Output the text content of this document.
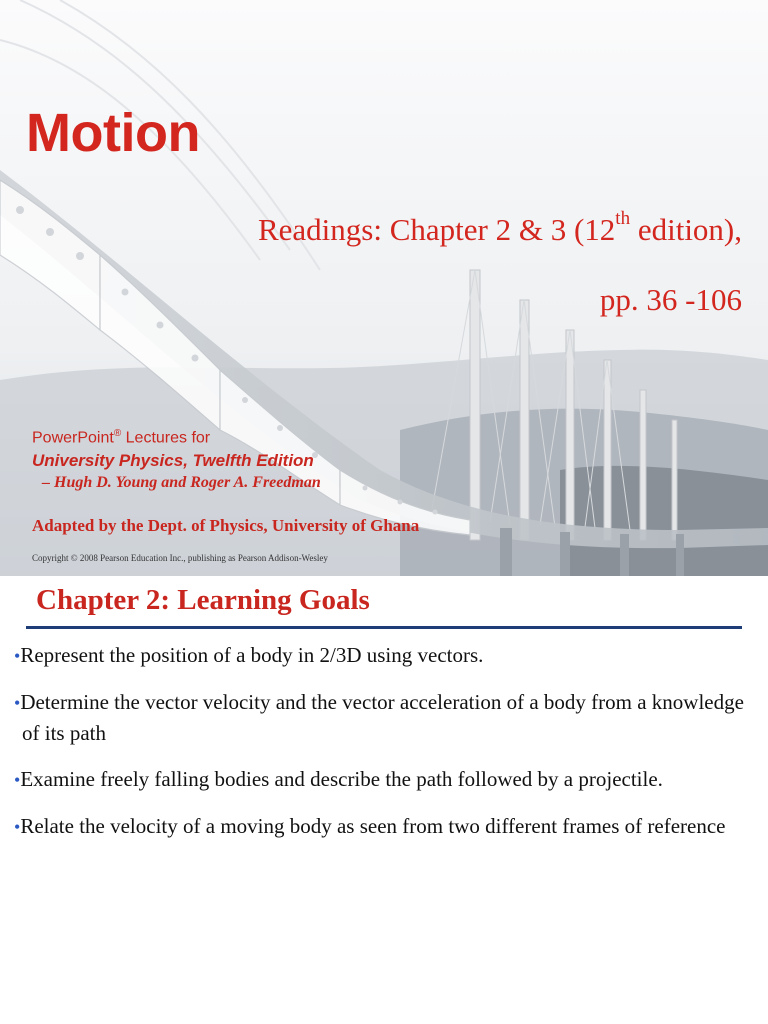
Motion
Readings: Chapter 2 & 3 (12th edition),
pp. 36 -106
PowerPoint® Lectures for
University Physics, Twelfth Edition
– Hugh D. Young and Roger A. Freedman
Adapted by the Dept. of Physics, University of Ghana
Copyright © 2008 Pearson Education Inc., publishing as Pearson Addison-Wesley
Chapter 2: Learning Goals
•Represent the position of a body in 2/3D using vectors.
•Determine the vector velocity and the vector acceleration of a body from a knowledge of its path
•Examine freely falling bodies and describe the path followed by a projectile.
•Relate the velocity of a moving body as seen from two different frames of reference
